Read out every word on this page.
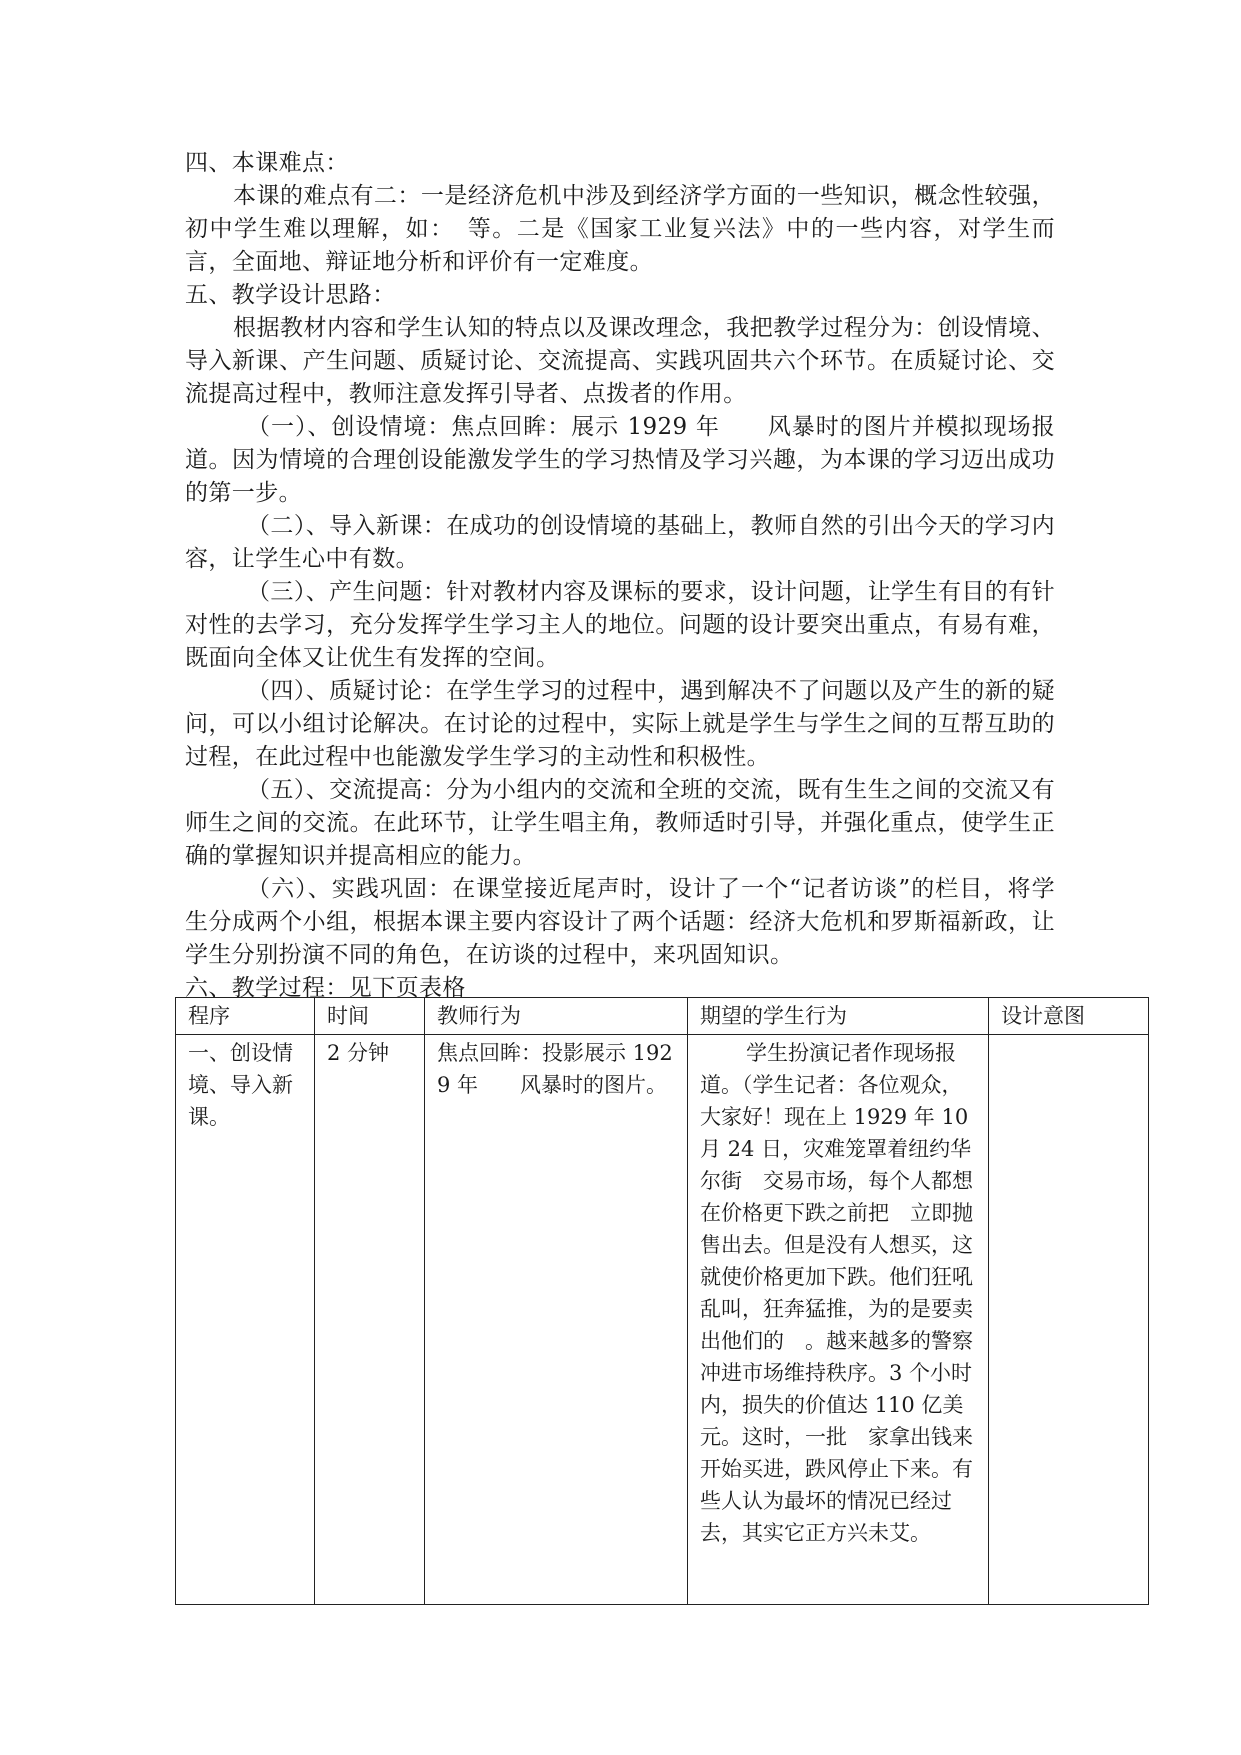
四、本课难点：

本课的难点有二：一是经济危机中涉及到经济学方面的一些知识，概念性较强，初中学生难以理解，如：　等。二是《国家工业复兴法》中的一些内容，对学生而言，全面地、辩证地分析和评价有一定难度。

五、教学设计思路：

根据教材内容和学生认知的特点以及课改理念，我把教学过程分为：创设情境、导入新课、产生问题、质疑讨论、交流提高、实践巩固共六个环节。在质疑讨论、交流提高过程中，教师注意发挥引导者、点拨者的作用。

（一）、创设情境：焦点回眸：展示 1929 年　　风暴时的图片并模拟现场报道。因为情境的合理创设能激发学生的学习热情及学习兴趣，为本课的学习迈出成功的第一步。

（二）、导入新课：在成功的创设情境的基础上，教师自然的引出今天的学习内容，让学生心中有数。

（三）、产生问题：针对教材内容及课标的要求，设计问题，让学生有目的有针对性的去学习，充分发挥学生学习主人的地位。问题的设计要突出重点，有易有难，既面向全体又让优生有发挥的空间。

（四）、质疑讨论：在学生学习的过程中，遇到解决不了问题以及产生的新的疑问，可以小组讨论解决。在讨论的过程中，实际上就是学生与学生之间的互帮互助的过程，在此过程中也能激发学生学习的主动性和积极性。

（五）、交流提高：分为小组内的交流和全班的交流，既有生生之间的交流又有师生之间的交流。在此环节，让学生唱主角，教师适时引导，并强化重点，使学生正确的掌握知识并提高相应的能力。

（六）、实践巩固：在课堂接近尾声时，设计了一个“记者访谈”的栏目，将学生分成两个小组，根据本课主要内容设计了两个话题：经济大危机和罗斯福新政，让学生分别扮演不同的角色，在访谈的过程中，来巩固知识。

六、教学过程：见下页表格

程序	时间	教师行为	期望的学生行为	设计意图
一、创设情境、导入新课。	2 分钟	焦点回眸：投影展示 1929 年　　风暴时的图片。	学生扮演记者作现场报道。（学生记者：各位观众，大家好！现在上 1929 年 10 月 24 日，灾难笼罩着纽约华尔街　交易市场，每个人都想在价格更下跌之前把　立即抛售出去。但是没有人想买，这就使价格更加下跌。他们狂吼乱叫，狂奔猛推，为的是要卖出他们的　。越来越多的警察冲进市场维持秩序。3 个小时内，损失的价值达 110 亿美元。这时，一批　家拿出钱来开始买进，跌风停止下来。有些人认为最坏的情况已经过去，其实它正方兴未艾。	
